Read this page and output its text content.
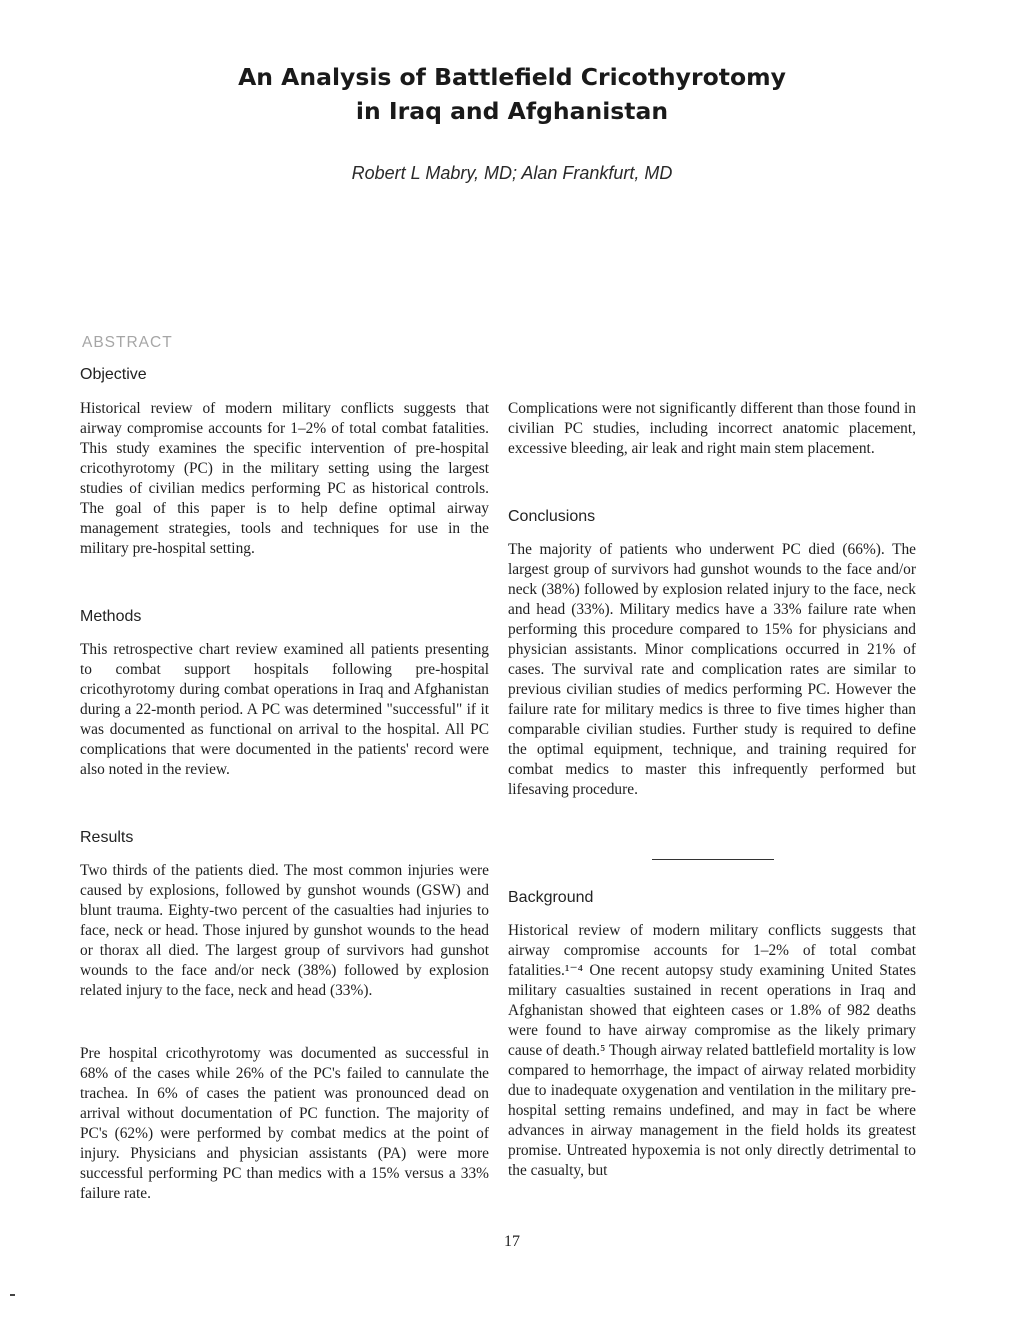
An Analysis of Battlefield Cricothyrotomy
in Iraq and Afghanistan
Robert L Mabry, MD; Alan Frankfurt, MD
ABSTRACT
Objective

Historical review of modern military conflicts suggests that airway compromise accounts for 1–2% of total combat fatalities. This study examines the specific intervention of pre-hospital cricothyrotomy (PC) in the military setting using the largest studies of civilian medics performing PC as historical controls. The goal of this paper is to help define optimal airway management strategies, tools and techniques for use in the military pre-hospital setting.

Methods

This retrospective chart review examined all patients presenting to combat support hospitals following pre-hospital cricothyrotomy during combat operations in Iraq and Afghanistan during a 22-month period. A PC was determined "successful" if it was documented as functional on arrival to the hospital. All PC complications that were documented in the patients' record were also noted in the review.

Results

Two thirds of the patients died. The most common injuries were caused by explosions, followed by gunshot wounds (GSW) and blunt trauma. Eighty-two percent of the casualties had injuries to face, neck or head. Those injured by gunshot wounds to the head or thorax all died. The largest group of survivors had gunshot wounds to the face and/or neck (38%) followed by explosion related injury to the face, neck and head (33%).

Pre hospital cricothyrotomy was documented as successful in 68% of the cases while 26% of the PC's failed to cannulate the trachea. In 6% of cases the patient was pronounced dead on arrival without documentation of PC function. The majority of PC's (62%) were performed by combat medics at the point of injury. Physicians and physician assistants (PA) were more successful performing PC than medics with a 15% versus a 33% failure rate.

Complications were not significantly different than those found in civilian PC studies, including incorrect anatomic placement, excessive bleeding, air leak and right main stem placement.

Conclusions

The majority of patients who underwent PC died (66%). The largest group of survivors had gunshot wounds to the face and/or neck (38%) followed by explosion related injury to the face, neck and head (33%). Military medics have a 33% failure rate when performing this procedure compared to 15% for physicians and physician assistants. Minor complications occurred in 21% of cases. The survival rate and complication rates are similar to previous civilian studies of medics performing PC. However the failure rate for military medics is three to five times higher than comparable civilian studies. Further study is required to define the optimal equipment, technique, and training required for combat medics to master this infrequently performed but lifesaving procedure.

Background

Historical review of modern military conflicts suggests that airway compromise accounts for 1–2% of total combat fatalities.¹⁻⁴ One recent autopsy study examining United States military casualties sustained in recent operations in Iraq and Afghanistan showed that eighteen cases or 1.8% of 982 deaths were found to have airway compromise as the likely primary cause of death.⁵ Though airway related battlefield mortality is low compared to hemorrhage, the impact of airway related morbidity due to inadequate oxygenation and ventilation in the military pre-hospital setting remains undefined, and may in fact be where advances in airway management in the field holds its greatest promise. Untreated hypoxemia is not only directly detrimental to the casualty, but

17
